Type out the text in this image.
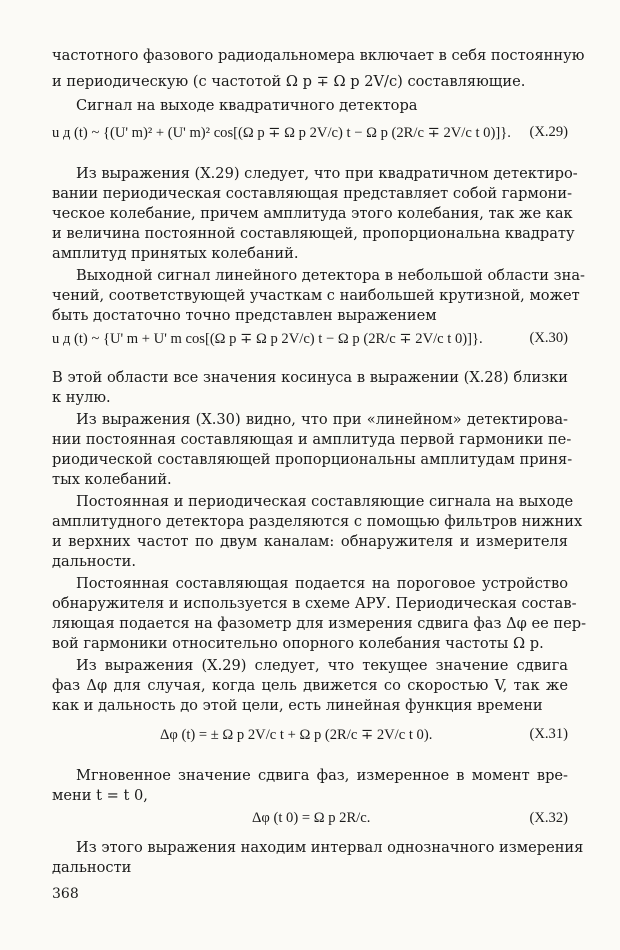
частотного фазового радиодальномера включает в себя постоянную
и периодическую (с частотой Ω p ∓ Ω p 2V/c) составляющие.
Сигнал на выходе квадратичного детектора
u д (t) ~ {(U' m)² + (U' m)² cos[(Ω p ∓ Ω p 2V/c) t − Ω p (2R/c ∓ 2V/c t 0)]}. (X.29)
Из выражения (X.29) следует, что при квадратичном детектиро-
вании периодическая составляющая представляет собой гармони-
ческое колебание, причем амплитуда этого колебания, так же как
и величина постоянной составляющей, пропорциональна квадрату
амплитуд принятых колебаний.
Выходной сигнал линейного детектора в небольшой области зна-
чений, соответствующей участкам с наибольшей крутизной, может
быть достаточно точно представлен выражением
u д (t) ~ {U' m + U' m cos[(Ω p ∓ Ω p 2V/c) t − Ω p (2R/c ∓ 2V/c t 0)]}.	(X.30)
В этой области все значения косинуса в выражении (X.28) близки
к нулю.
Из выражения (X.30) видно, что при «линейном» детектирова-
нии постоянная составляющая и амплитуда первой гармоники пе-
риодической составляющей пропорциональны амплитудам приня-
тых колебаний.
Постоянная и периодическая составляющие сигнала на выходе
амплитудного детектора разделяются с помощью фильтров нижних
и верхних частот по двум каналам: обнаружителя и измерителя
дальности.
Постоянная составляющая подается на пороговое устройство
обнаружителя и используется в схеме АРУ. Периодическая состав-
ляющая подается на фазометр для измерения сдвига фаз Δφ ее пер-
вой гармоники относительно опорного колебания частоты Ω p.
Из выражения (X.29) следует, что текущее значение сдвига
фаз Δφ для случая, когда цель движется со скоростью V, так же
как и дальность до этой цели, есть линейная функция времени
Δφ (t) = ± Ω p 2V/c t + Ω p (2R/c ∓ 2V/c t 0).	(X.31)
Мгновенное значение сдвига фаз, измеренное в момент вре-
мени t = t 0,
Δφ (t 0) = Ω p 2R/c.	(X.32)
Из этого выражения находим интервал однозначного измерения
дальности
368
